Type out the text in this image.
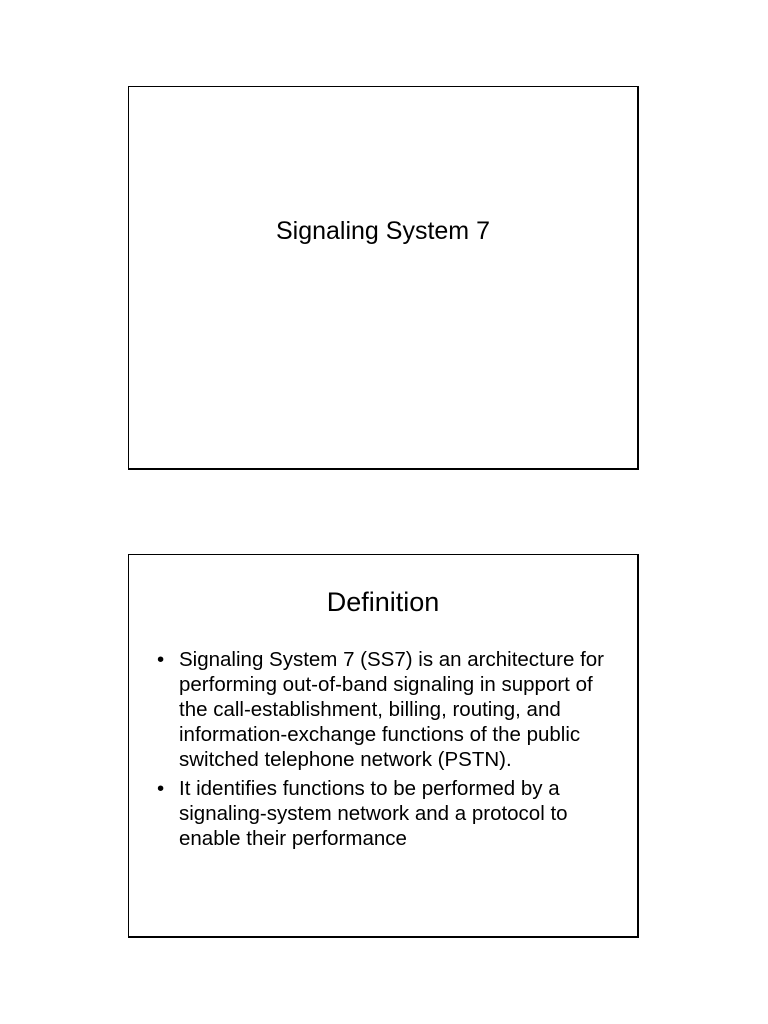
Signaling System 7
Definition
• Signaling System 7 (SS7) is an architecture for performing out-of-band signaling in support of the call-establishment, billing, routing, and information-exchange functions of the public switched telephone network (PSTN).
• It identifies functions to be performed by a signaling-system network and a protocol to enable their performance
